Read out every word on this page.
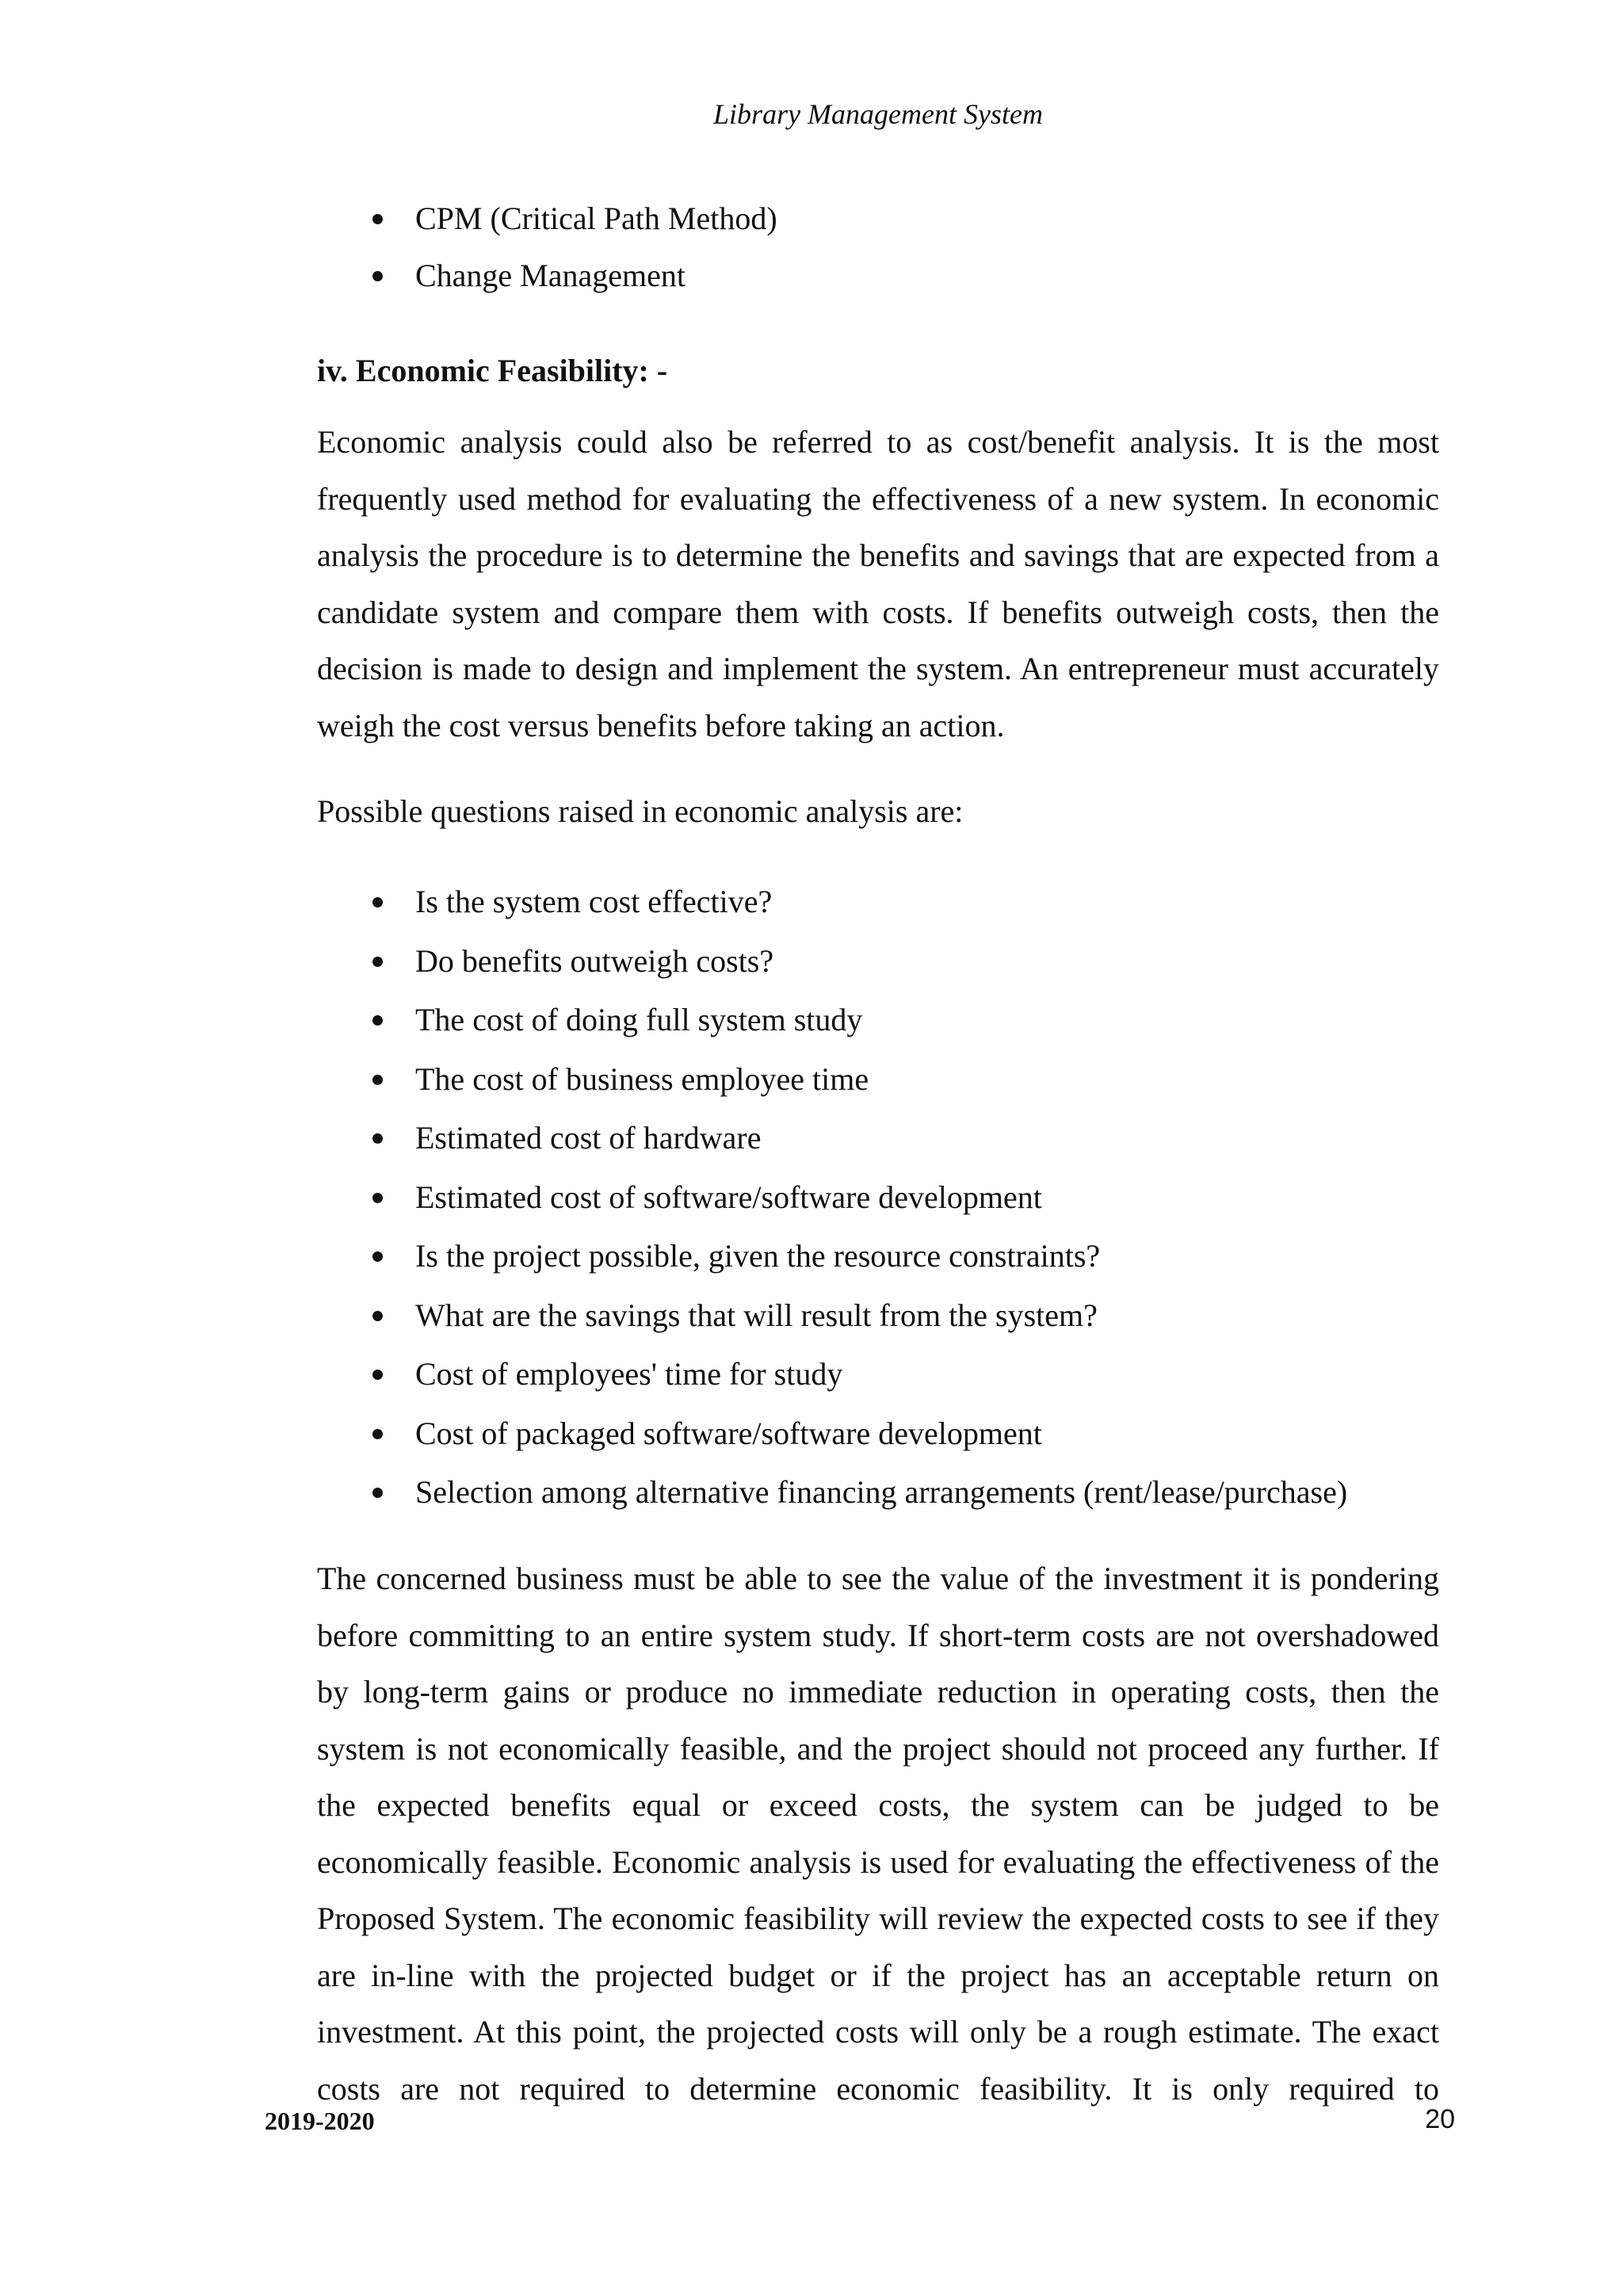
Library Management System
CPM (Critical Path Method)
Change Management
iv. Economic Feasibility: -

Economic analysis could also be referred to as cost/benefit analysis. It is the most frequently used method for evaluating the effectiveness of a new system. In economic analysis the procedure is to determine the benefits and savings that are expected from a candidate system and compare them with costs. If benefits outweigh costs, then the decision is made to design and implement the system. An entrepreneur must accurately weigh the cost versus benefits before taking an action.

Possible questions raised in economic analysis are:

Is the system cost effective?
Do benefits outweigh costs?
The cost of doing full system study
The cost of business employee time
Estimated cost of hardware
Estimated cost of software/software development
Is the project possible, given the resource constraints?
What are the savings that will result from the system?
Cost of employees' time for study
Cost of packaged software/software development
Selection among alternative financing arrangements (rent/lease/purchase)

The concerned business must be able to see the value of the investment it is pondering before committing to an entire system study. If short-term costs are not overshadowed by long-term gains or produce no immediate reduction in operating costs, then the system is not economically feasible, and the project should not proceed any further. If the expected benefits equal or exceed costs, the system can be judged to be economically feasible. Economic analysis is used for evaluating the effectiveness of the Proposed System. The economic feasibility will review the expected costs to see if they are in-line with the projected budget or if the project has an acceptable return on investment. At this point, the projected costs will only be a rough estimate. The exact costs are not required to determine economic feasibility. It is only required to

2019-2020	20
